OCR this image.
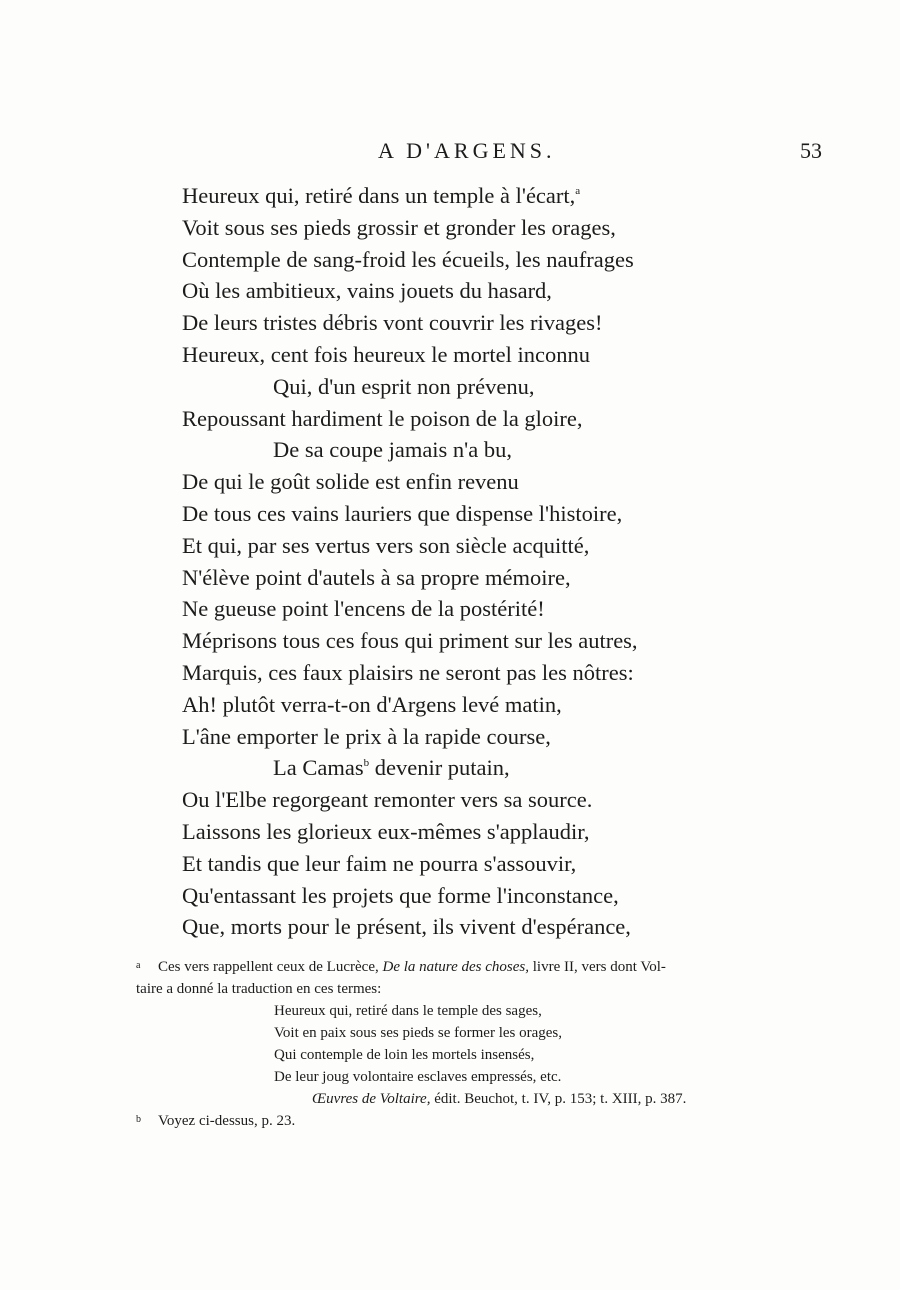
A D'ARGENS.	53
Heureux qui, retiré dans un temple à l'écart,$^a$
Voit sous ses pieds grossir et gronder les orages,
Contemple de sang-froid les écueils, les naufrages
Où les ambitieux, vains jouets du hasard,
De leurs tristes débris vont couvrir les rivages!
Heureux, cent fois heureux le mortel inconnu
Qui, d'un esprit non prévenu,
Repoussant hardiment le poison de la gloire,
De sa coupe jamais n'a bu,
De qui le goût solide est enfin revenu
De tous ces vains lauriers que dispense l'histoire,
Et qui, par ses vertus vers son siècle acquitté,
N'élève point d'autels à sa propre mémoire,
Ne gueuse point l'encens de la postérité!
Méprisons tous ces fous qui priment sur les autres,
Marquis, ces faux plaisirs ne seront pas les nôtres:
Ah! plutôt verra-t-on d'Argens levé matin,
L'âne emporter le prix à la rapide course,
La Camas$^b$ devenir putain,
Ou l'Elbe regorgeant remonter vers sa source.
Laissons les glorieux eux-mêmes s'applaudir,
Et tandis que leur faim ne pourra s'assouvir,
Qu'entassant les projets que forme l'inconstance,
Que, morts pour le présent, ils vivent d'espérance,
a Ces vers rappellent ceux de Lucrèce, De la nature des choses, livre II, vers dont Vol-
taire a donné la traduction en ces termes:
Heureux qui, retiré dans le temple des sages,
Voit en paix sous ses pieds se former les orages,
Qui contemple de loin les mortels insensés,
De leur joug volontaire esclaves empressés, etc.
Œuvres de Voltaire, édit. Beuchot, t. IV, p. 153; t. XIII, p. 387.
b Voyez ci-dessus, p. 23.
